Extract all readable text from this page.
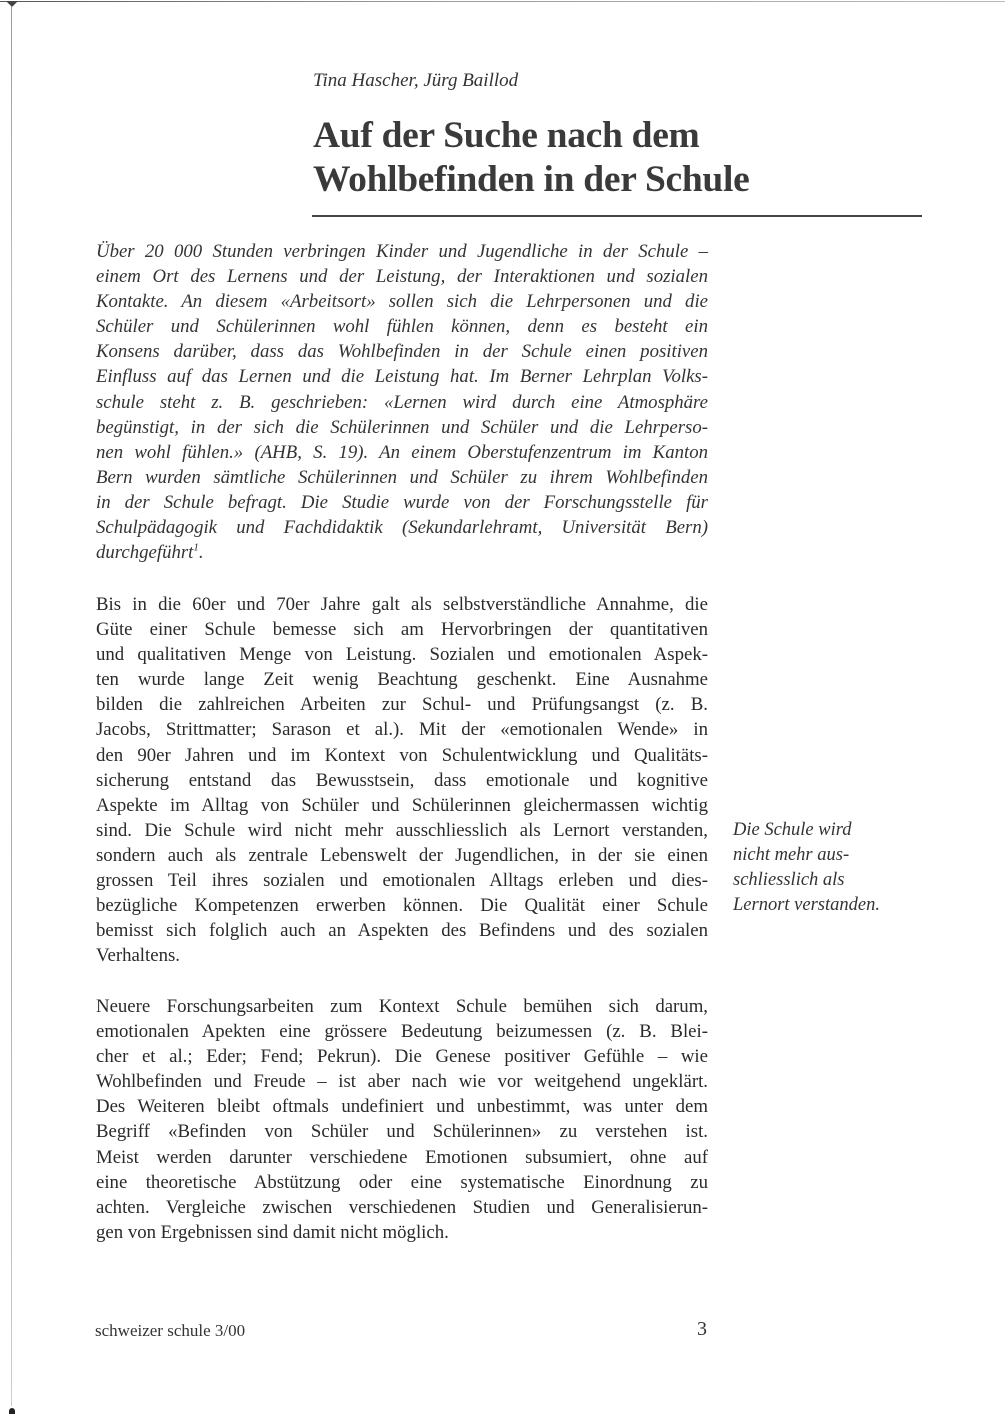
Tina Hascher, Jürg Baillod
Auf der Suche nach dem
Wohlbefinden in der Schule
Über 20 000 Stunden verbringen Kinder und Jugendliche in der Schule –
einem Ort des Lernens und der Leistung, der Interaktionen und sozialen
Kontakte. An diesem «Arbeitsort» sollen sich die Lehrpersonen und die
Schüler und Schülerinnen wohl fühlen können, denn es besteht ein
Konsens darüber, dass das Wohlbefinden in der Schule einen positiven
Einfluss auf das Lernen und die Leistung hat. Im Berner Lehrplan Volks-
schule steht z. B. geschrieben: «Lernen wird durch eine Atmosphäre
begünstigt, in der sich die Schülerinnen und Schüler und die Lehrperso-
nen wohl fühlen.» (AHB, S. 19). An einem Oberstufenzentrum im Kanton
Bern wurden sämtliche Schülerinnen und Schüler zu ihrem Wohlbefinden
in der Schule befragt. Die Studie wurde von der Forschungsstelle für
Schulpädagogik und Fachdidaktik (Sekundarlehramt, Universität Bern)
durchgeführt$^1$.
Bis in die 60er und 70er Jahre galt als selbstverständliche Annahme, die
Güte einer Schule bemesse sich am Hervorbringen der quantitativen
und qualitativen Menge von Leistung. Sozialen und emotionalen Aspek-
ten wurde lange Zeit wenig Beachtung geschenkt. Eine Ausnahme
bilden die zahlreichen Arbeiten zur Schul- und Prüfungsangst (z. B.
Jacobs, Strittmatter; Sarason et al.). Mit der «emotionalen Wende» in
den 90er Jahren und im Kontext von Schulentwicklung und Qualitäts-
sicherung entstand das Bewusstsein, dass emotionale und kognitive
Aspekte im Alltag von Schüler und Schülerinnen gleichermassen wichtig
sind. Die Schule wird nicht mehr ausschliesslich als Lernort verstanden,
sondern auch als zentrale Lebenswelt der Jugendlichen, in der sie einen
grossen Teil ihres sozialen und emotionalen Alltags erleben und dies-
bezügliche Kompetenzen erwerben können. Die Qualität einer Schule
bemisst sich folglich auch an Aspekten des Befindens und des sozialen
Verhaltens.
Die Schule wird
nicht mehr aus-
schliesslich als
Lernort verstanden.
Neuere Forschungsarbeiten zum Kontext Schule bemühen sich darum,
emotionalen Apekten eine grössere Bedeutung beizumessen (z. B. Blei-
cher et al.; Eder; Fend; Pekrun). Die Genese positiver Gefühle – wie
Wohlbefinden und Freude – ist aber nach wie vor weitgehend ungeklärt.
Des Weiteren bleibt oftmals undefiniert und unbestimmt, was unter dem
Begriff «Befinden von Schüler und Schülerinnen» zu verstehen ist.
Meist werden darunter verschiedene Emotionen subsumiert, ohne auf
eine theoretische Abstützung oder eine systematische Einordnung zu
achten. Vergleiche zwischen verschiedenen Studien und Generalisierun-
gen von Ergebnissen sind damit nicht möglich.
schweizer schule 3/00	3
